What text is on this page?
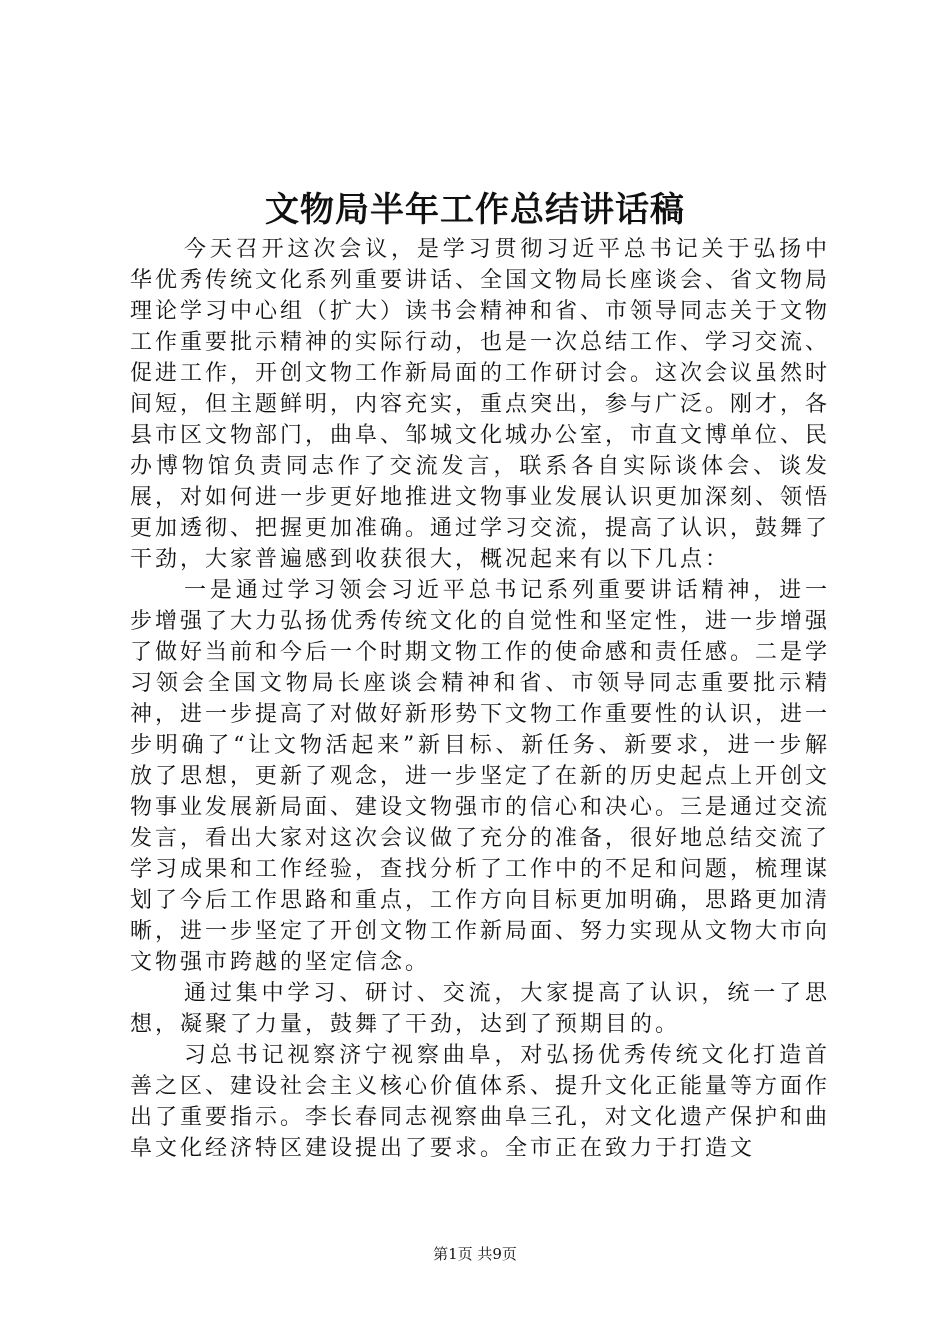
文物局半年工作总结讲话稿

今天召开这次会议，是学习贯彻习近平总书记关于弘扬中华优秀传统文化系列重要讲话、全国文物局长座谈会、省文物局理论学习中心组（扩大）读书会精神和省、市领导同志关于文物工作重要批示精神的实际行动，也是一次总结工作、学习交流、促进工作，开创文物工作新局面的工作研讨会。这次会议虽然时间短，但主题鲜明，内容充实，重点突出，参与广泛。刚才，各县市区文物部门，曲阜、邹城文化城办公室，市直文博单位、民办博物馆负责同志作了交流发言，联系各自实际谈体会、谈发展，对如何进一步更好地推进文物事业发展认识更加深刻、领悟更加透彻、把握更加准确。通过学习交流，提高了认识，鼓舞了干劲，大家普遍感到收获很大，概况起来有以下几点：

一是通过学习领会习近平总书记系列重要讲话精神，进一步增强了大力弘扬优秀传统文化的自觉性和坚定性，进一步增强了做好当前和今后一个时期文物工作的使命感和责任感。二是学习领会全国文物局长座谈会精神和省、市领导同志重要批示精神，进一步提高了对做好新形势下文物工作重要性的认识，进一步明确了“让文物活起来”新目标、新任务、新要求，进一步解放了思想，更新了观念，进一步坚定了在新的历史起点上开创文物事业发展新局面、建设文物强市的信心和决心。三是通过交流发言，看出大家对这次会议做了充分的准备，很好地总结交流了学习成果和工作经验，查找分析了工作中的不足和问题，梳理谋划了今后工作思路和重点，工作方向目标更加明确，思路更加清晰，进一步坚定了开创文物工作新局面、努力实现从文物大市向文物强市跨越的坚定信念。

通过集中学习、研讨、交流，大家提高了认识，统一了思想，凝聚了力量，鼓舞了干劲，达到了预期目的。

习总书记视察济宁视察曲阜，对弘扬优秀传统文化打造首善之区、建设社会主义核心价值体系、提升文化正能量等方面作出了重要指示。李长春同志视察曲阜三孔，对文化遗产保护和曲阜文化经济特区建设提出了要求。全市正在致力于打造文

第1页 共9页
